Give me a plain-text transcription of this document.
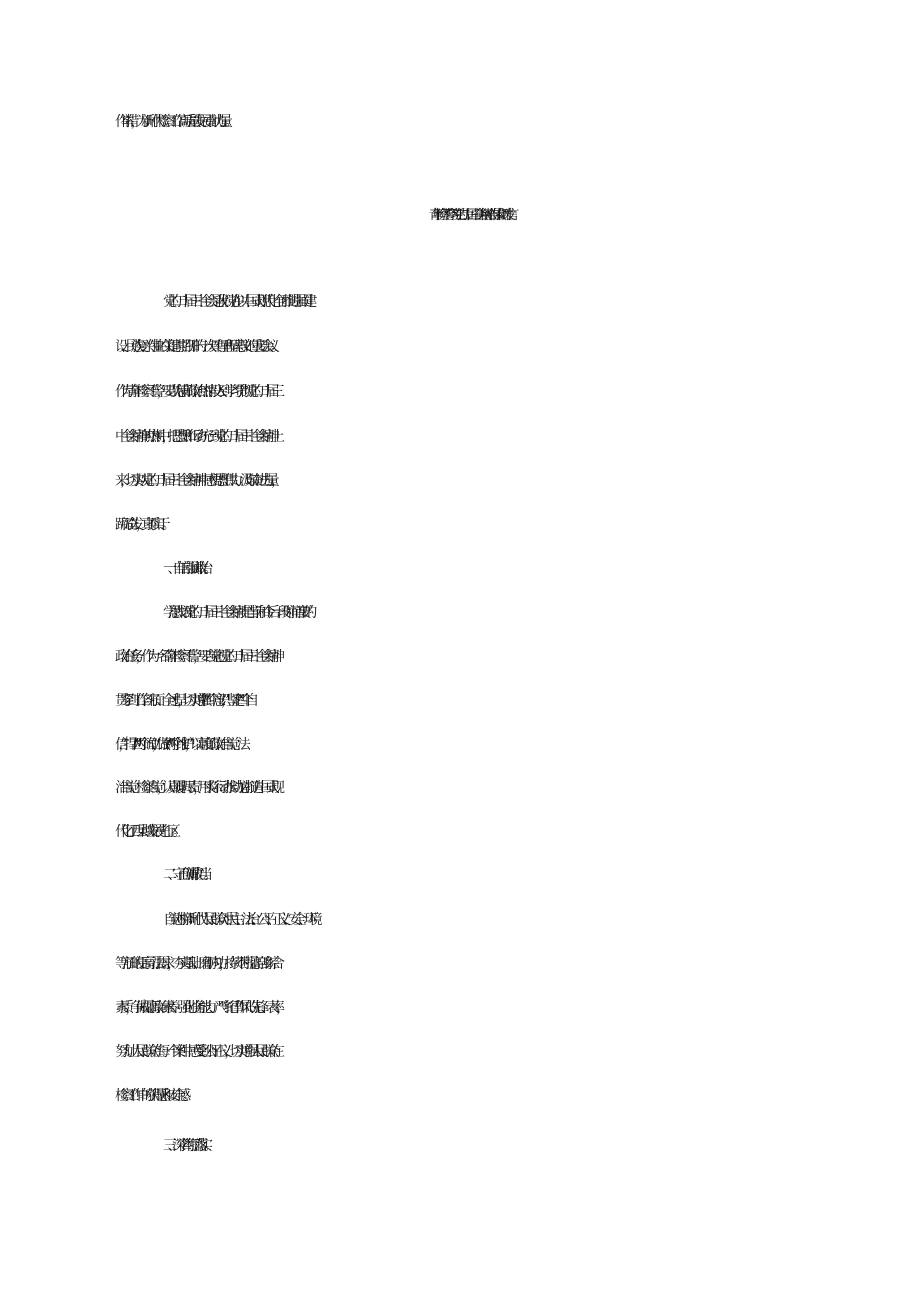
作举措，为新时代检察工作高质量发展贡献力量。
青年检察干警学习党的二十届三中全会精神心得体会研讨发言
党的二十届三中全会是我们党在以中国式现代化全面推进强国建
设、民族复兴伟业的关键时期召开的一次具有里程碑意义的重要会议。
作为青年检察干警，要以饱满的政治热情投入到学习贯彻党的二十届三
中全会精神的热潮中，把思想和行动统一到党的二十届三中全会精神上
来，切实从党的二十届三中全会精神中感悟思想伟力、汲取奋进力量，
蹄厉奋发，真抓实干。
一、自信自强讲政治。
学思践悟党的二十届三中全会精神是当前和今后一段时间首要的
政治任务，作为一名青年检察干警，要自觉把党的二十届三中全会精神
贯穿到工作各方面、全过程，切实增强“四个意识”，坚定“四个自
信”，捍卫“两个确立”，做到“两个维护”，以高度的政治自觉、法
治自觉、检察自觉，认真履职尽责，用实际行动推动龙南打造中国式现
代化江西县域发展先行区。
二、守正创新敢担当。
自觉对标新时代人民群众对民主、法治、公平、正义、安全、环境
等方面的更高司法需求，夯实基础、磨砺内功，持续不断提高自身综合
素质，争做提高政治素养、强化业务能力、严守纪律作风的先锋、表率，
努力让人民群众在每一个案件中感受到公平正义，切实增强人民群众在
检察工作中的获得感和安全感。
三、深学笃行抓落实。
